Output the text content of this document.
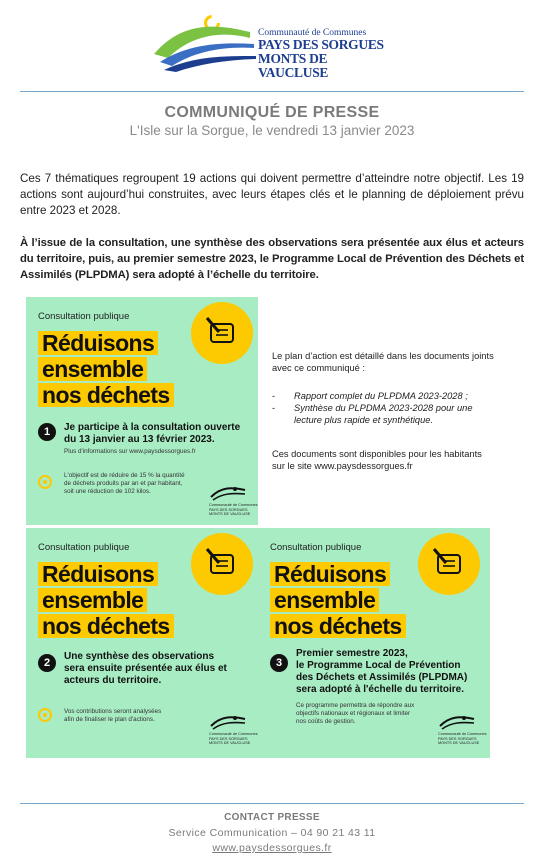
Communauté de Communes
PAYS DES SORGUES
MONTS DE VAUCLUSE
COMMUNIQUÉ DE PRESSE
L'Isle sur la Sorgue, le vendredi 13 janvier 2023
Ces 7 thématiques regroupent 19 actions qui doivent permettre d’atteindre notre objectif. Les 19 actions sont aujourd’hui construites, avec leurs étapes clés et le planning de déploiement prévu entre 2023 et 2028.
À l’issue de la consultation, une synthèse des observations sera présentée aux élus et acteurs du territoire, puis, au premier semestre 2023, le Programme Local de Prévention des Déchets et Assimilés (PLPDMA) sera adopté à l’échelle du territoire.
Consultation publique
Réduisons
ensemble
nos déchets
1	Je participe à la consultation ouverte
du 13 janvier au 13 février 2023.
Plus d'informations sur www.paysdessorgues.fr
L'objectif est de réduire de 15 % la quantité
de déchets produits par an et par habitant,
soit une réduction de 102 kilos.
Communauté de Communes
PAYS DES SORGUES
MONTS DE VAUCLUSE
Le plan d’action est détaillé dans les documents joints
avec ce communiqué :
- Rapport complet du PLPDMA 2023-2028 ;
- Synthèse du PLPDMA 2023-2028 pour une
lecture plus rapide et synthétique.
Ces documents sont disponibles pour les habitants
sur le site www.paysdessorgues.fr
Consultation publique
Réduisons
ensemble
nos déchets
2
Une synthèse des observations
sera ensuite présentée aux élus et
acteurs du territoire.
Vos contributions seront analysées
afin de finaliser le plan d'actions.
Communauté de Communes
PAYS DES SORGUES
MONTS DE VAUCLUSE
Consultation publique
Réduisons
ensemble
nos déchets
3
Premier semestre 2023,
le Programme Local de Prévention
des Déchets et Assimilés (PLPDMA)
sera adopté à l'échelle du territoire.
Ce programme permettra de répondre aux
objectifs nationaux et régionaux et limiter
nos coûts de gestion.
Communauté de Communes
PAYS DES SORGUES
MONTS DE VAUCLUSE
CONTACT PRESSE
Service Communication – 04 90 21 43 11
www.paysdessorgues.fr
